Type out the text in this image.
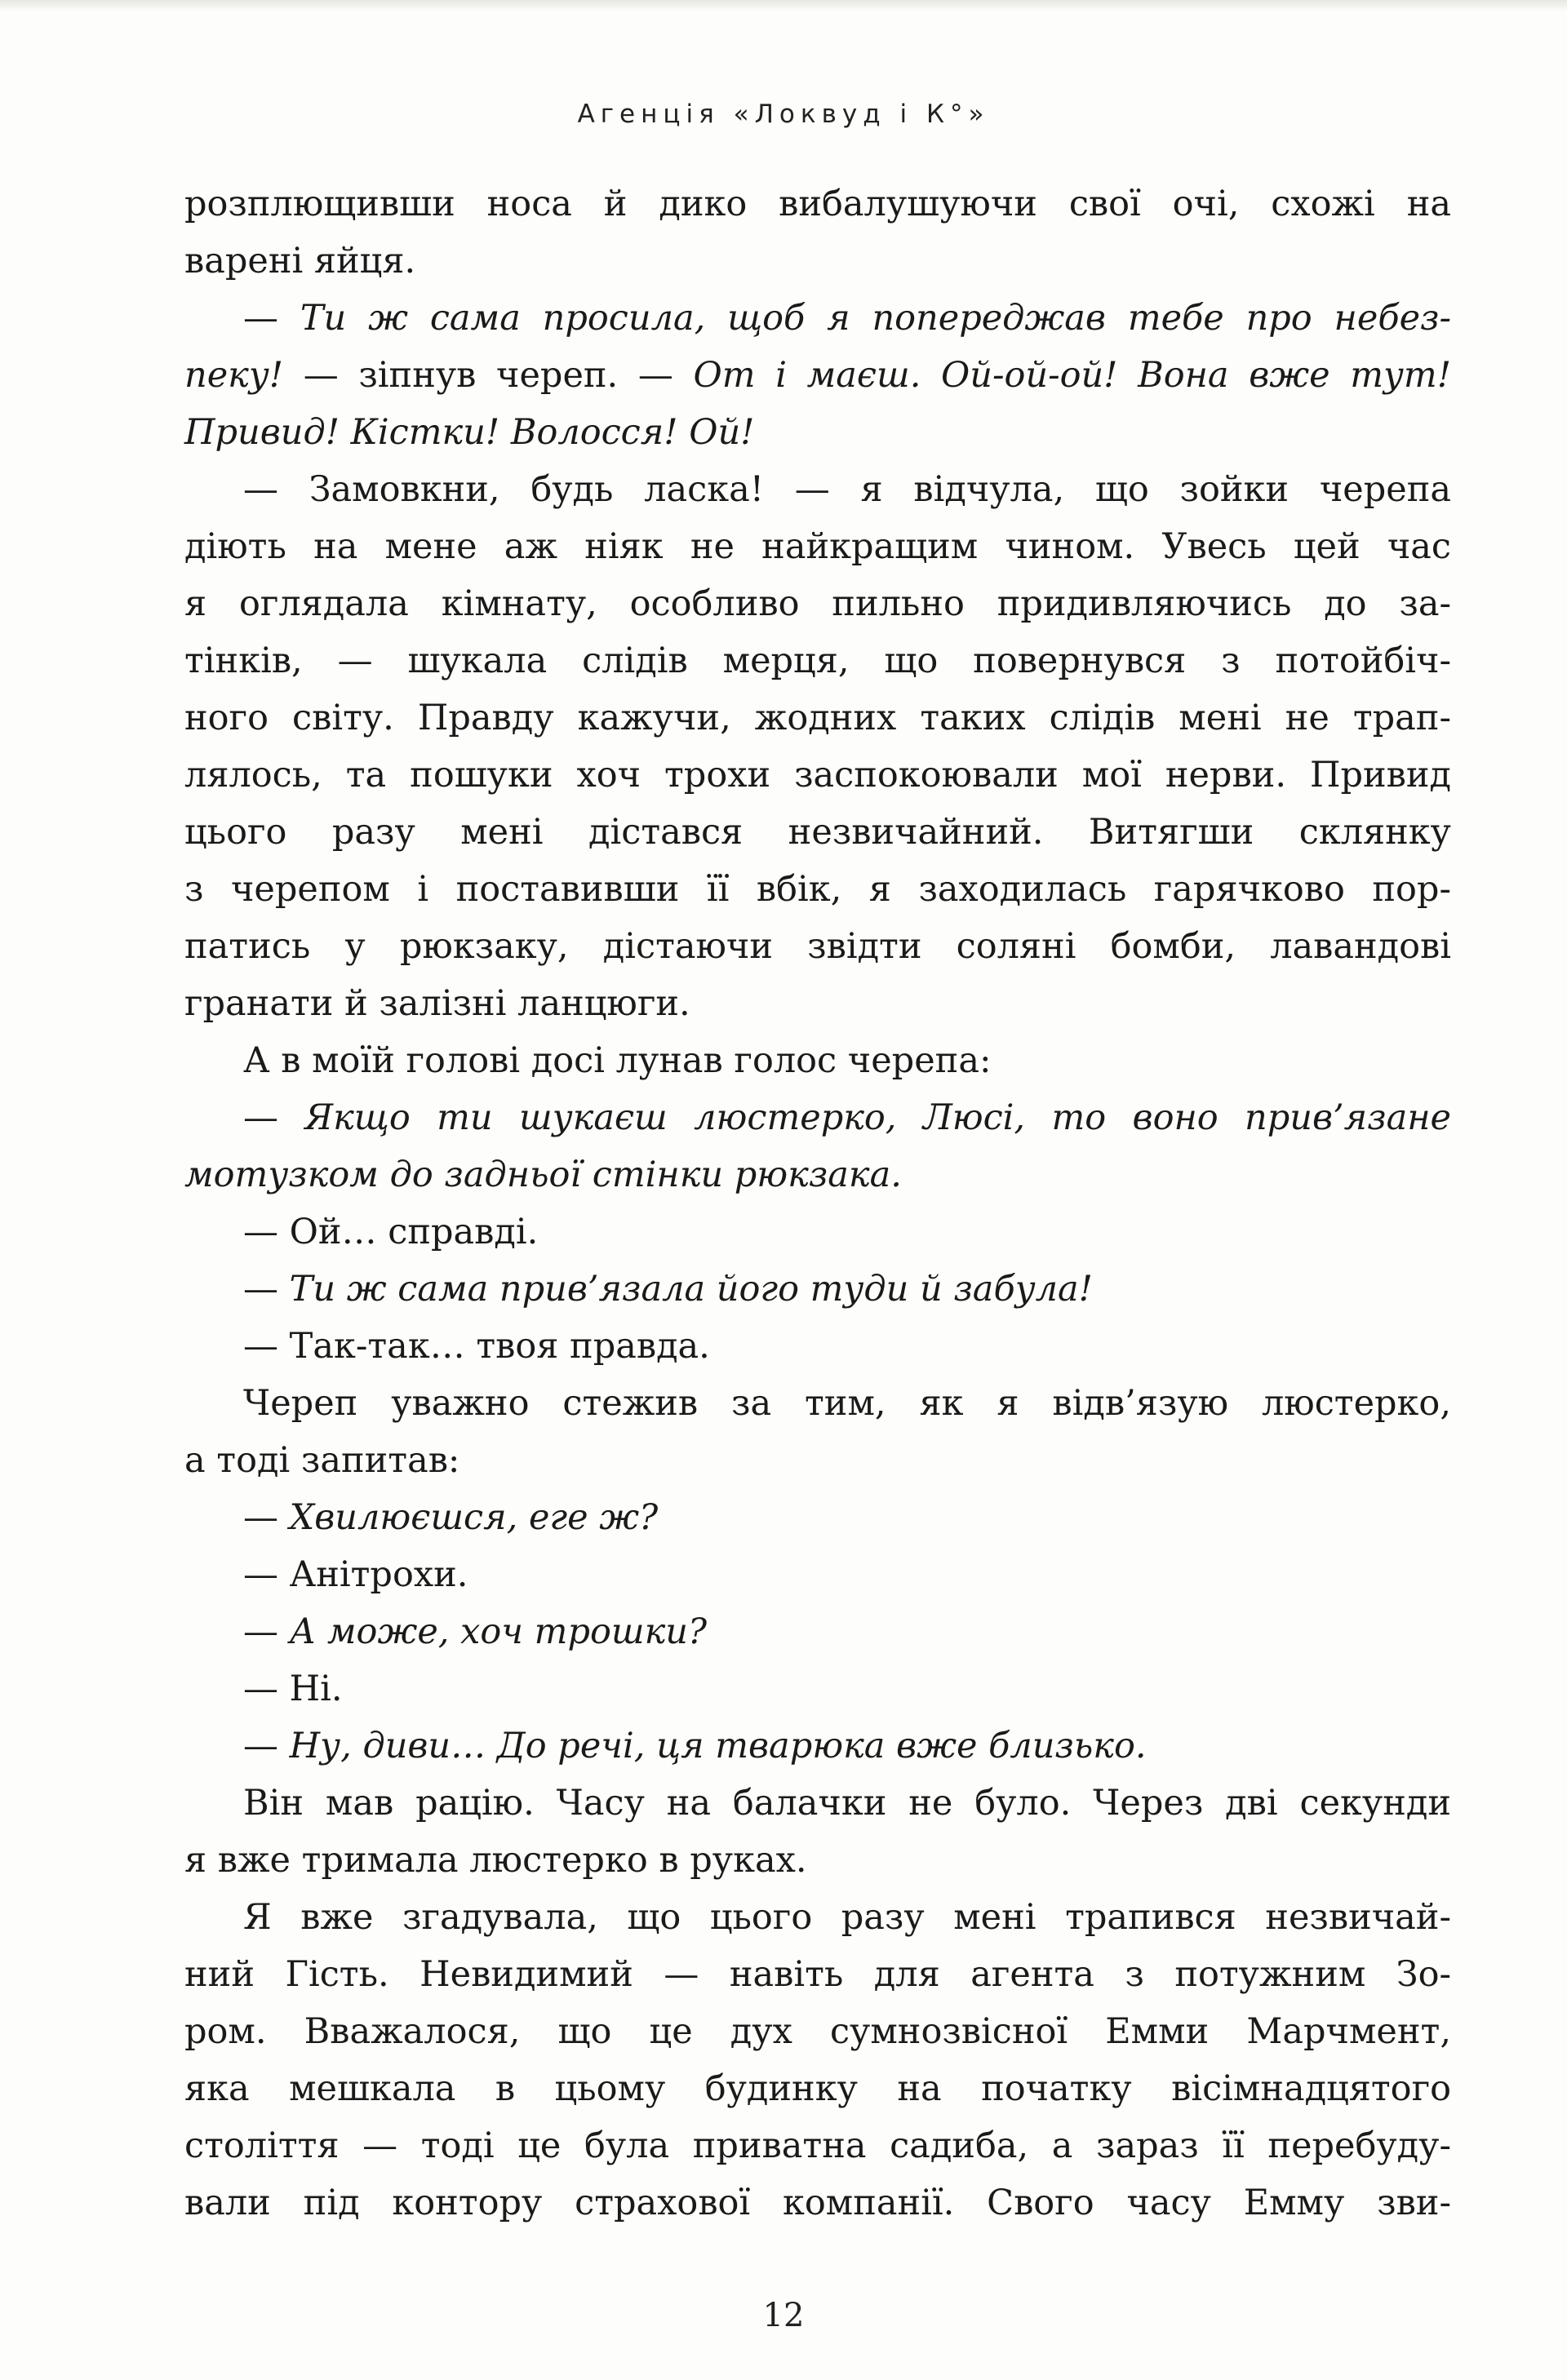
Агенція «Локвуд і К°»
розплющивши носа й дико вибалушуючи свої очі, схожі на
варені яйця.
— Ти ж сама просила, щоб я попереджав тебе про небез-
пеку! — зіпнув череп. — От і маєш. Ой-ой-ой! Вона вже тут!
Привид! Кістки! Волосся! Ой!
— Замовкни, будь ласка! — я відчула, що зойки черепа
діють на мене аж ніяк не найкращим чином. Увесь цей час
я оглядала кімнату, особливо пильно придивляючись до за-
тінків, — шукала слідів мерця, що повернувся з потойбіч-
ного світу. Правду кажучи, жодних таких слідів мені не трап-
лялось, та пошуки хоч трохи заспокоювали мої нерви. Привид
цього разу мені дістався незвичайний. Витягши склянку
з черепом і поставивши її вбік, я заходилась гарячково пор-
патись у рюкзаку, дістаючи звідти соляні бомби, лавандові
гранати й залізні ланцюги.
А в моїй голові досі лунав голос черепа:
— Якщо ти шукаєш люстерко, Люсі, то воно прив’язане
мотузком до задньої стінки рюкзака.
— Ой… справді.
— Ти ж сама прив’язала його туди й забула!
— Так-так… твоя правда.
Череп уважно стежив за тим, як я відв’язую люстерко,
а тоді запитав:
— Хвилюєшся, еге ж?
— Анітрохи.
— А може, хоч трошки?
— Ні.
— Ну, диви… До речі, ця тварюка вже близько.
Він мав рацію. Часу на балачки не було. Через дві секунди
я вже тримала люстерко в руках.
Я вже згадувала, що цього разу мені трапився незвичай-
ний Гість. Невидимий — навіть для агента з потужним Зо-
ром. Вважалося, що це дух сумнозвісної Емми Марчмент,
яка мешкала в цьому будинку на початку вісімнадцятого
століття — тоді це була приватна садиба, а зараз її перебуду-
вали під контору страхової компанії. Свого часу Емму зви-
12
